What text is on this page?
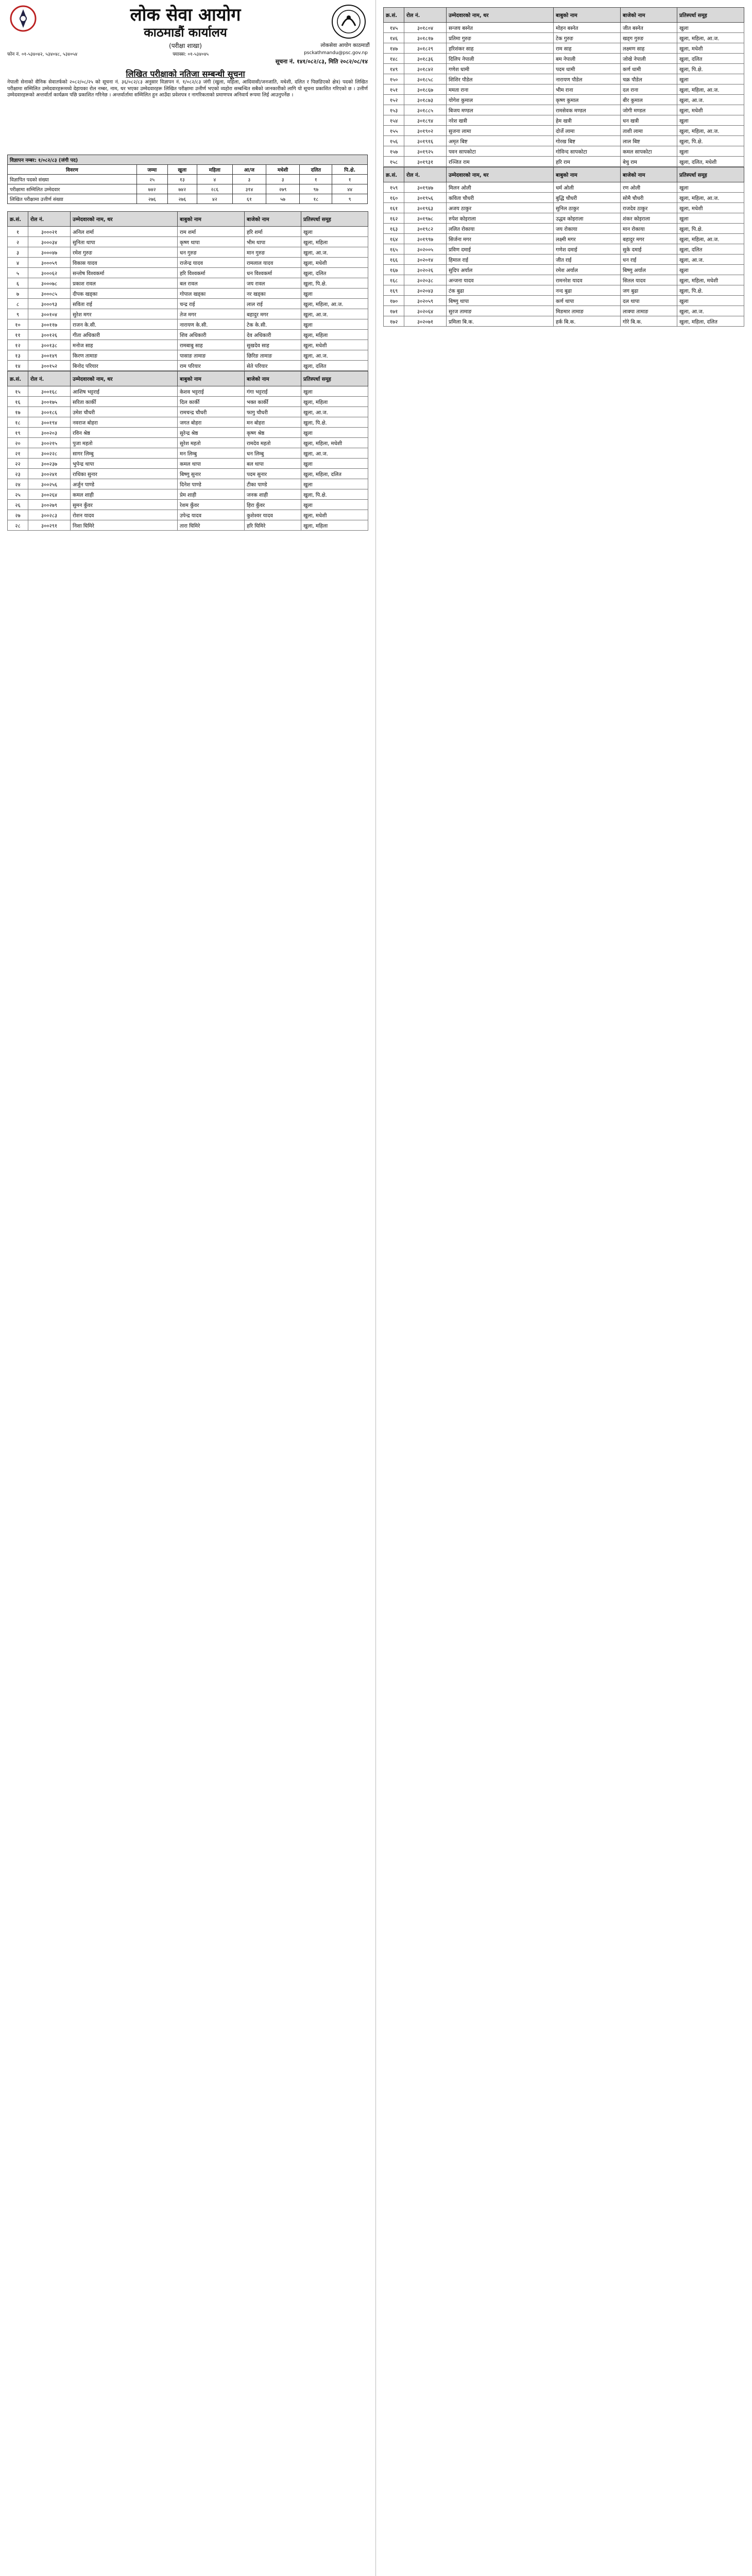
लोक सेवा आयोग
काठमाडौं कार्यालय
(परीक्षा शाखा)	लोकसेवा आयोग काठमाडौं
फोन नं. ०१-५३४०४२, ५३४०४८, ५३४०५४	फ्याक्स: ०१-५३४०४५	psckathmandu@psc.gov.np
सूचना नं. १४१/०८२/८३, मिति २०८२/०८/१४
लिखित परीक्षाको नतिजा सम्बन्धी सूचना
नेपाली सेनाको सैनिक सेवातर्फको २०८२/०८/२५ को सूचना नं. ३६/०८२/८३ अनुसार विज्ञापन नं. १/०८२/८३ जंगी (खुला, महिला, आदिवासी/जनजाति, मधेशी, दलित र पिछडिएको क्षेत्र) पदको लिखित परीक्षामा सम्मिलित उम्मेदवारहरूमध्ये देहायका रोल नम्बर, नाम, थर भएका उम्मेदवारहरू लिखित परीक्षामा उत्तीर्ण भएको व्यहोरा सम्बन्धित सबैको जानकारीको लागि यो सूचना प्रकाशित गरिएको छ । उत्तीर्ण उम्मेदवारहरूको अन्तर्वार्ता कार्यक्रम पछि प्रकाशित गरिनेछ । अन्तर्वार्तामा सम्मिलित हुन आउँदा प्रवेशपत्र र नागरिकताको प्रमाणपत्र अनिवार्य रूपमा लिई आउनुपर्नेछ ।
विज्ञापन नम्बर: १/०८२/८३ (जंगी पद)							
विवरण	जम्मा	खुला	महिला	आ/ज	मधेशी	दलित	पि.क्षे.
विज्ञापित पदको संख्या	२५	१३	४	३	३	१	१
परीक्षामा सम्मिलित उम्मेदवार	७४२	७४२	२८६	३१४	२७९	९७	४४
लिखित परीक्षामा उत्तीर्ण संख्या	२७६	२७६	४२	६१	५७	१८	९
क्र.सं.	रोल नं.	उम्मेदवारको नाम, थर	बाबुको नाम	बाजेको नाम	प्रतिस्पर्धा समूह
१	३०००२१	अनिल शर्मा	राम शर्मा	हरि शर्मा	खुला
२	३०००३४	सुनिता थापा	कृष्ण थापा	भीम थापा	खुला, महिला
३	३०००४७	रमेश गुरुङ	धन गुरुङ	मान गुरुङ	खुला, आ.ज.
४	३०००५९	विकास यादव	राजेन्द्र यादव	रामलाल यादव	खुला, मधेशी
५	३०००६२	सन्तोष विश्वकर्मा	हरि विश्वकर्मा	धन विश्वकर्मा	खुला, दलित
६	३०००७८	प्रकाश रावल	बल रावल	जय रावल	खुला, पि.क्षे.
७	३०००८५	दीपक खड्का	गोपाल खड्का	नर खड्का	खुला
८	३०००९३	सविता राई	चन्द्र राई	लाल राई	खुला, महिला, आ.ज.
९	३००१०४	सुरेश मगर	तेज मगर	बहादुर मगर	खुला, आ.ज.
१०	३००११७	राजन के.सी.	नारायण के.सी.	टेक के.सी.	खुला
११	३००१२६	गीता अधिकारी	शिव अधिकारी	देव अधिकारी	खुला, महिला
१२	३००१३८	मनोज साह	रामबाबु साह	सुखदेव साह	खुला, मधेशी
१३	३००१४९	किरण तामाङ	पासाङ तामाङ	छिरिङ तामाङ	खुला, आ.ज.
१४	३००१५२	बिनोद परियार	राम परियार	सेते परियार	खुला, दलित
क्र.सं.	रोल नं.	उम्मेदवारको नाम, थर	बाबुको नाम	बाजेको नाम	प्रतिस्पर्धा समूह
१५	३००१६८	आशिष भट्टराई	केशव भट्टराई	गंगा भट्टराई	खुला
१६	३००१७५	सरिता कार्की	दिल कार्की	भक्त कार्की	खुला, महिला
१७	३००१८६	उमेश चौधरी	रामचन्द्र चौधरी	फागु चौधरी	खुला, आ.ज.
१८	३००१९४	नवराज बोहरा	जगत बोहरा	मन बोहरा	खुला, पि.क्षे.
१९	३००२०३	रविन श्रेष्ठ	सुरेन्द्र श्रेष्ठ	कृष्ण श्रेष्ठ	खुला
२०	३००२१५	पुजा महतो	सुरेश महतो	रामदेव महतो	खुला, महिला, मधेशी
२१	३००२२८	सागर लिम्बु	मन लिम्बु	धन लिम्बु	खुला, आ.ज.
२२	३००२३७	भुपेन्द्र थापा	कमल थापा	बल थापा	खुला
२३	३००२४१	राधिका सुनार	बिष्णु सुनार	पदम सुनार	खुला, महिला, दलित
२४	३००२५६	अर्जुन पाण्डे	दिनेश पाण्डे	टीका पाण्डे	खुला
२५	३००२६४	कमल शाही	प्रेम शाही	जनक शाही	खुला, पि.क्षे.
२६	३००२७९	सुमन कुँवर	रेशम कुँवर	हिरा कुँवर	खुला
२७	३००२८३	रोशन यादव	उपेन्द्र यादव	कुशेश्वर यादव	खुला, मधेशी
२८	३००२९१	निशा घिमिरे	तारा घिमिरे	हरि घिमिरे	खुला, महिला
क्र.सं.	रोल नं.	उम्मेदवारको नाम, थर	बाबुको नाम	बाजेको नाम	प्रतिस्पर्धा समूह
१४५	३०१८०४	सन्जय बस्नेत	मोहन बस्नेत	जीत बस्नेत	खुला
१४६	३०१८१७	प्रतिमा गुरुङ	टेक गुरुङ	खड्ग गुरुङ	खुला, महिला, आ.ज.
१४७	३०१८२९	हरिशंकर साह	राम साह	लक्ष्मण साह	खुला, मधेशी
१४८	३०१८३६	दिलिप नेपाली	बम नेपाली	जोखे नेपाली	खुला, दलित
१४९	३०१८४२	गणेश धामी	पदम धामी	कर्ण धामी	खुला, पि.क्षे.
१५०	३०१८५८	शिशिर पौडेल	नारायण पौडेल	चक्र पौडेल	खुला
१५१	३०१८६७	ममता राना	भीम राना	दल राना	खुला, महिला, आ.ज.
१५२	३०१८७३	योगेश कुमाल	कृष्ण कुमाल	बीर कुमाल	खुला, आ.ज.
१५३	३०१८८५	बिजय मण्डल	रामसेवक मण्डल	जोगी मण्डल	खुला, मधेशी
१५४	३०१८९४	नरेश खत्री	हेम खत्री	धन खत्री	खुला
१५५	३०१९०२	सुजना लामा	दोर्जे लामा	ताशी लामा	खुला, महिला, आ.ज.
१५६	३०१९१६	अमृत बिष्ट	गोरख बिष्ट	लाल बिष्ट	खुला, पि.क्षे.
१५७	३०१९२५	पवन सापकोटा	गोविन्द सापकोटा	कमल सापकोटा	खुला
१५८	३०१९३१	रञ्जित राम	हरि राम	बेचु राम	खुला, दलित, मधेशी
क्र.सं.	रोल नं.	उम्मेदवारको नाम, थर	बाबुको नाम	बाजेको नाम	प्रतिस्पर्धा समूह
१५९	३०१९४७	मिलन ओली	धर्म ओली	रण ओली	खुला
१६०	३०१९५६	कविता चौधरी	बुद्धि चौधरी	सोमै चौधरी	खुला, महिला, आ.ज.
१६१	३०१९६३	अजय ठाकुर	सुनिल ठाकुर	राजदेव ठाकुर	खुला, मधेशी
१६२	३०१९७८	रुपेश कोइराला	उद्धव कोइराला	शंकर कोइराला	खुला
१६३	३०१९८२	ललित रोकाया	जय रोकाया	मान रोकाया	खुला, पि.क्षे.
१६४	३०१९९७	सिर्जना मगर	लक्ष्मी मगर	बहादुर मगर	खुला, महिला, आ.ज.
१६५	३०२००५	प्रविण दमाई	गणेश दमाई	सुके दमाई	खुला, दलित
१६६	३०२०१४	हिमाल राई	जीत राई	धन राई	खुला, आ.ज.
१६७	३०२०२६	सुदिप अर्याल	रमेश अर्याल	बिष्णु अर्याल	खुला
१६८	३०२०३८	अन्जना यादव	रामनरेश यादव	सितल यादव	खुला, महिला, मधेशी
१६९	३०२०४३	टंक बुढा	नन्द बुढा	जग बुढा	खुला, पि.क्षे.
१७०	३०२०५९	बिष्णु थापा	कर्ण थापा	दल थापा	खुला
१७१	३०२०६४	सुरज तामाङ	मिङमार तामाङ	लाक्पा तामाङ	खुला, आ.ज.
१७२	३०२०७१	प्रमिला बि.क.	हर्क बि.क.	गोरे बि.क.	खुला, महिला, दलित
